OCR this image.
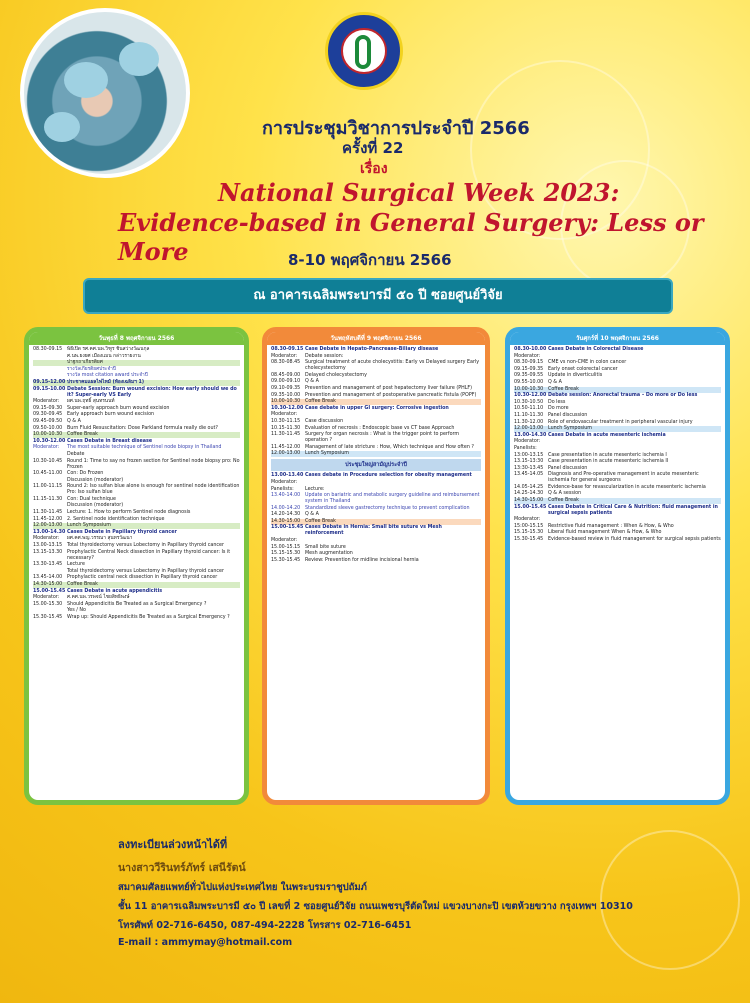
การประชุมวิชาการประจำปี 2566
ครั้งที่ 22
เรื่อง
National Surgical Week 2023:
Evidence-based in General Surgery: Less or More	8-10 พฤศจิกายน 2566
ณ อาคารเฉลิมพระบารมี ๕๐ ปี ซอยศูนย์วิจัย
วันพุธที่ 8 พฤศจิกายน 2566
08.30-09.15 พิธีเปิด รศ.คศ.นพ.วิฑูร ชินสว่างวัฒนกุล
ศ.นพ.ยงยศ เมืองแมน กล่าวรายงาน
ปาฐกถาเกียรติยศ
รางวัลเกียรติยศประจำปี
รางวัล most citation award ประจำปี
09.15-12.00 ประชาคมแผลไฟไหม้ (ห้องเฉลิมฯ 1)
09.15-10.00 Debate Session: Burn wound excision: How early should we do it? Super-early VS Early
Moderator:	ผศ.นพ.ฤทธิ์ สุนทรนนท์
09.15-09.30 Super-early approach burn wound excision
09.30-09.45 Early approach burn wound excision
09.45-09.50 Q & A
09.50-10.00 Burn Fluid Resuscitation: Dose Parkland formula really die out?
10.00-10.30 Coffee Break
10.30-12.00 Cases Debate in Breast disease
Moderator:	The most suitable technique of Sentinel node biopsy in Thailand
Debate
10.30-10.45 Round 1: Time to say no frozen section for Sentinel node biopsy pro: No Frozen
10.45-11.00 Con: Do Frozen
Discussion (moderator)
11.00-11.15 Round 2: Iso sulfan blue alone is enough for sentinel node identification Pro: Iso sulfan blue
11.15-11.30 Con: Dual technique
Discussion (moderator)
11.30-11.45 Lecture: 1. How to perform Sentinel node diagnosis
11.45-12.00 2. Sentinel node identification technique
12.00-13.00 Lunch Symposium
13.00-14.30 Cases Debate in Papillary thyroid cancer
Moderator:	ผศ.คศ.พญ.วรรณา สุนทรวัฒนา
13.00-13.15 Total thyroidectomy versus Lobectomy in Papillary thyroid cancer
13.15-13.30 Prophylactic Central Neck dissection in Papillary thyroid cancer: Is it necessary?
13.30-13.45 Lecture
Total thyroidectomy versus Lobectomy in Papillary thyroid cancer
13.45-14.00 Prophylactic central neck dissection in Papillary thyroid cancer
14.30-15.00 Coffee Break
15.00-15.45 Cases Debate in acute appendicitis
Moderator:	ศ.คศ.นพ.วรพจน์ ไชยสิทธิพงษ์
15.00-15.30 Should Appendicitis Be Treated as a Surgical Emergency ?
Yes / No
15.30-15.45 Wrap up: Should Appendicitis Be Treated as a Surgical Emergency ?
วันพฤหัสบดีที่ 9 พฤศจิกายน 2566
08.30-09.15 Case Debate in Hepato-Pancrease-Biliary disease
Moderator:	Debate session:
08.30-08.45 Surgical treatment of acute cholecystitis: Early vs Delayed surgery Early cholecystectomy
08.45-09.00 Delayed cholecystectomy
09.00-09.10 Q & A
09.10-09.35 Prevention and management of post hepatectomy liver failure (PHLF)
09.35-10.00 Prevention and management of postoperative pancreatic fistula (POPF)
10.00-10.30 Coffee Break
10.30-12.00 Case debate in upper GI surgery: Corrosive ingestion
Moderator:
10.30-11.15 Case discussion
10.15-11.30 Evaluation of necrosis : Endoscopic base vs CT base Approach
11.30-11.45 Surgery for organ necrosis : What is the trigger point to perform operation ?
11.45-12.00 Management of late stricture : How, Which technique and How often ?
12.00-13.00 Lunch Symposium
ประชุมใหญ่สามัญประจำปี
13.00-13.40 Cases debate in Procedure selection for obesity management
Moderator:
Panelists:	Lecture:
13.40-14.00 Update on bariatric and metabolic surgery guideline and reimbursement system in Thailand
14.00-14.20 Standardized sleeve gastrectomy technique to prevent complication
14.20-14.30 Q & A
14.30-15.00 Coffee Break
15.00-15.45 Cases Debate in Hernia: Small bite suture vs Mesh reinforcement
Moderator:
15.00-15.15 Small bite suture
15.15-15.30 Mesh augmentation
15.30-15.45 Review: Prevention for midline incisional hernia
วันศุกร์ที่ 10 พฤศจิกายน 2566
08.30-10.00 Cases Debate in Colorectal Disease
Moderator:
08.30-09.15 CME vs non-CME in colon cancer
09.15-09.35 Early onset colorectal cancer
09.35-09.55 Update in diverticulitis
09.55-10.00 Q & A
10.00-10.30 Coffee Break
10.30-12.00 Debate session: Anorectal trauma – Do more or Do less
10.30-10.50 Do less
10.50-11.10 Do more
11.10-11.30 Panel discussion
11.30-12.00 Role of endovascular treatment in peripheral vascular injury
12.00-13.00 Lunch Symposium
13.00-14.30 Cases Debate in acute mesenteric ischemia
Moderator:
Panelists:
13:00-13.15 Case presentation in acute mesenteric ischemia I
13.15-13:30 Case presentation in acute mesenteric ischemia II
13:30-13.45 Panel discussion
13.45-14.05 Diagnosis and Pre-operative management in acute mesenteric ischemia for general surgeons
14.05-14.25 Evidence-base for revascularization in acute mesenteric ischemia
14.25-14.30 Q & A session
14.30-15.00 Coffee Break
15.00-15.45 Cases Debate in Critical Care & Nutrition: fluid management in surgical sepsis patients
Moderator:
15:00-15.15 Restrictive fluid management : When & How, & Who
15.15-15.30 Liberal fluid management When & How, & Who
15.30-15.45 Evidence-based review in fluid management for surgical sepsis patients
ลงทะเบียนล่วงหน้าได้ที่
นางสาววีรินทร์ภัทร์ เสนีรัตน์
สมาคมศัลยแพทย์ทั่วไปแห่งประเทศไทย ในพระบรมราชูปถัมภ์
ชั้น 11 อาคารเฉลิมพระบารมี ๕๐ ปี เลขที่ 2 ซอยศูนย์วิจัย ถนนเพชรบุรีตัดใหม่ แขวงบางกะปิ เขตห้วยขวาง กรุงเทพฯ 10310
โทรศัพท์ 02-716-6450, 087-494-2228 โทรสาร 02-716-6451
E-mail : ammymay@hotmail.com
